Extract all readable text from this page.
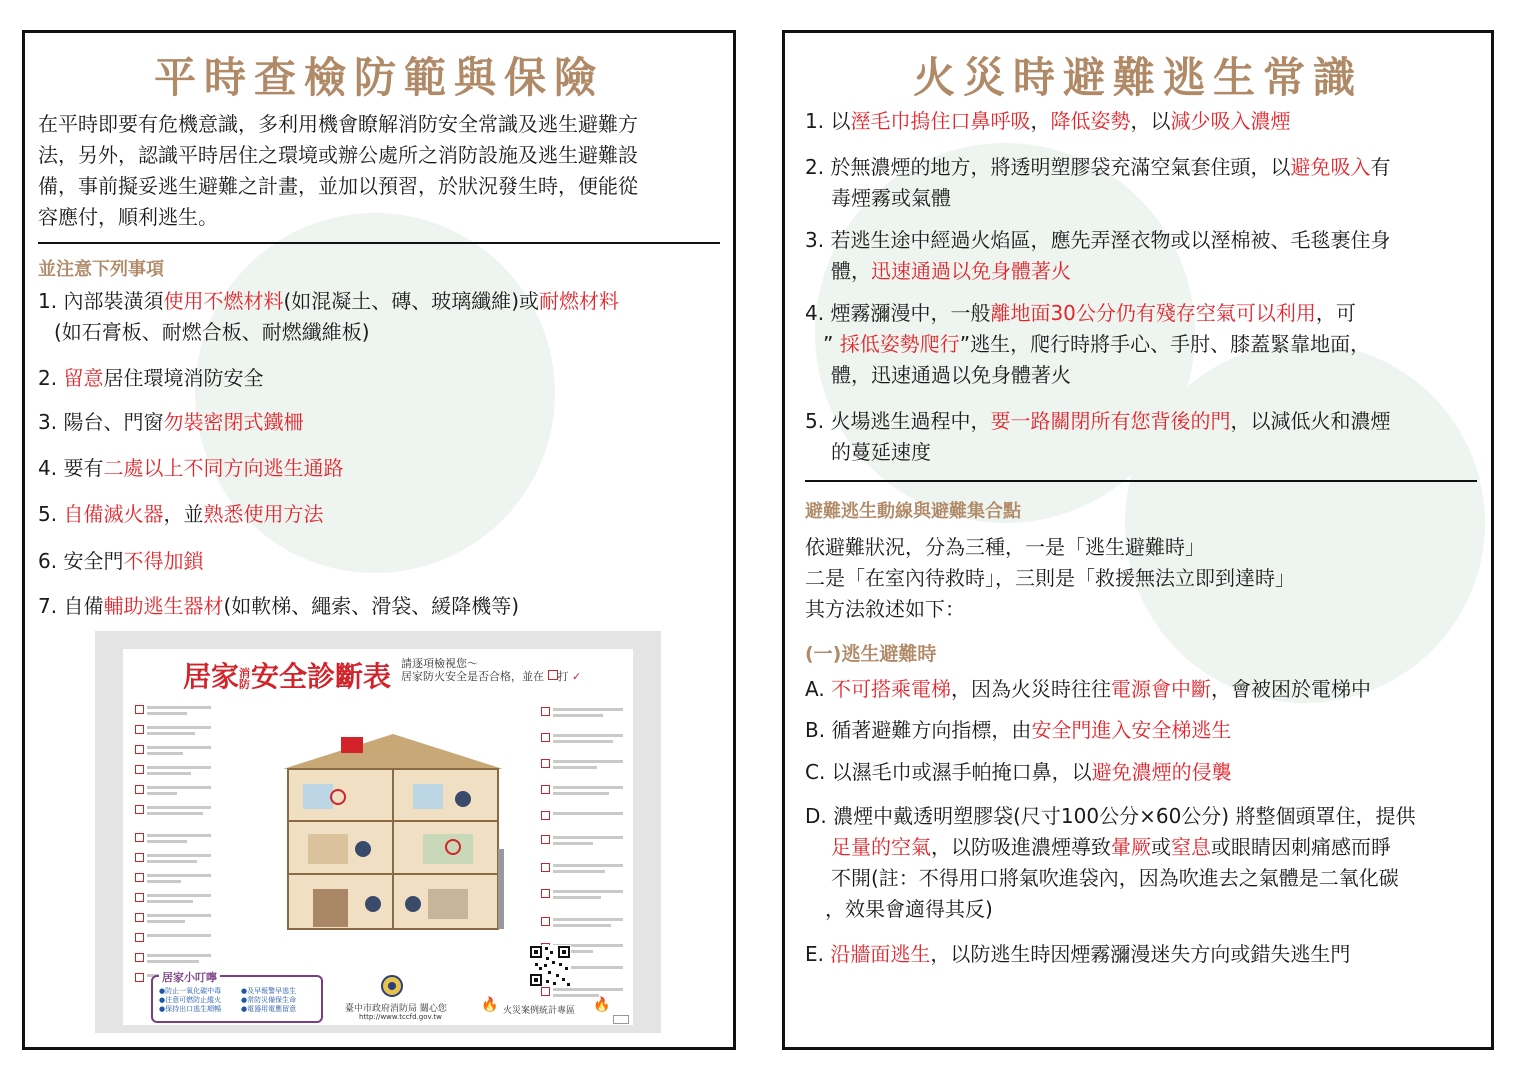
平時查檢防範與保險
在平時即要有危機意識，多利用機會瞭解消防安全常識及逃生避難方
法，另外，認識平時居住之環境或辦公處所之消防設施及逃生避難設
備，事前擬妥逃生避難之計畫，並加以預習，於狀況發生時，便能從
容應付，順利逃生。
並注意下列事項
1. 內部裝潢須使用不燃材料(如混凝土、磚、玻璃纖維)或耐燃材料
(如石膏板、耐燃合板、耐燃纖維板)
2. 留意居住環境消防安全
3. 陽台、門窗勿裝密閉式鐵柵
4. 要有二處以上不同方向逃生通路
5. 自備滅火器，並熟悉使用方法
6. 安全門不得加鎖
7. 自備輔助逃生器材(如軟梯、繩索、滑袋、緩降機等)
居家消防安全診斷表 請逐項檢視您～
居家防火安全是否合格，並在 打 ✓
居家小叮嚀
●防止一氧化碳中毒
●注意可燃防止縱火
●保持出口逃生順暢
●及早報警早逃生
●常防災備保生命
●電器用電應留意	臺中市政府消防局 關心您
http://www.tccfd.gov.tw
🔥	🔥
火災案例統計專區
火災時避難逃生常識
1. 以溼毛巾摀住口鼻呼吸，降低姿勢，以減少吸入濃煙
2. 於無濃煙的地方，將透明塑膠袋充滿空氣套住頭，以避免吸入有
毒煙霧或氣體
3. 若逃生途中經過火焰區，應先弄溼衣物或以溼棉被、毛毯裹住身
體，迅速通過以免身體著火
4. 煙霧瀰漫中，一般離地面30公分仍有殘存空氣可以利用，可
” 採低姿勢爬行”逃生，爬行時將手心、手肘、膝蓋緊靠地面，
體，迅速通過以免身體著火
5. 火場逃生過程中，要一路關閉所有您背後的門，以減低火和濃煙
的蔓延速度
避難逃生動線與避難集合點
依避難狀況，分為三種，一是「逃生避難時」
二是「在室內待救時」，三則是「救援無法立即到達時」
其方法敘述如下：
(一)逃生避難時
A. 不可搭乘電梯，因為火災時往往電源會中斷，會被困於電梯中
B. 循著避難方向指標，由安全門進入安全梯逃生
C. 以濕毛巾或濕手帕掩口鼻，以避免濃煙的侵襲
D. 濃煙中戴透明塑膠袋(尺寸100公分×60公分) 將整個頭罩住，提供
足量的空氣，以防吸進濃煙導致暈厥或窒息或眼睛因刺痛感而睜
不開(註：不得用口將氣吹進袋內，因為吹進去之氣體是二氧化碳
，效果會適得其反)
E. 沿牆面逃生，以防逃生時因煙霧瀰漫迷失方向或錯失逃生門
